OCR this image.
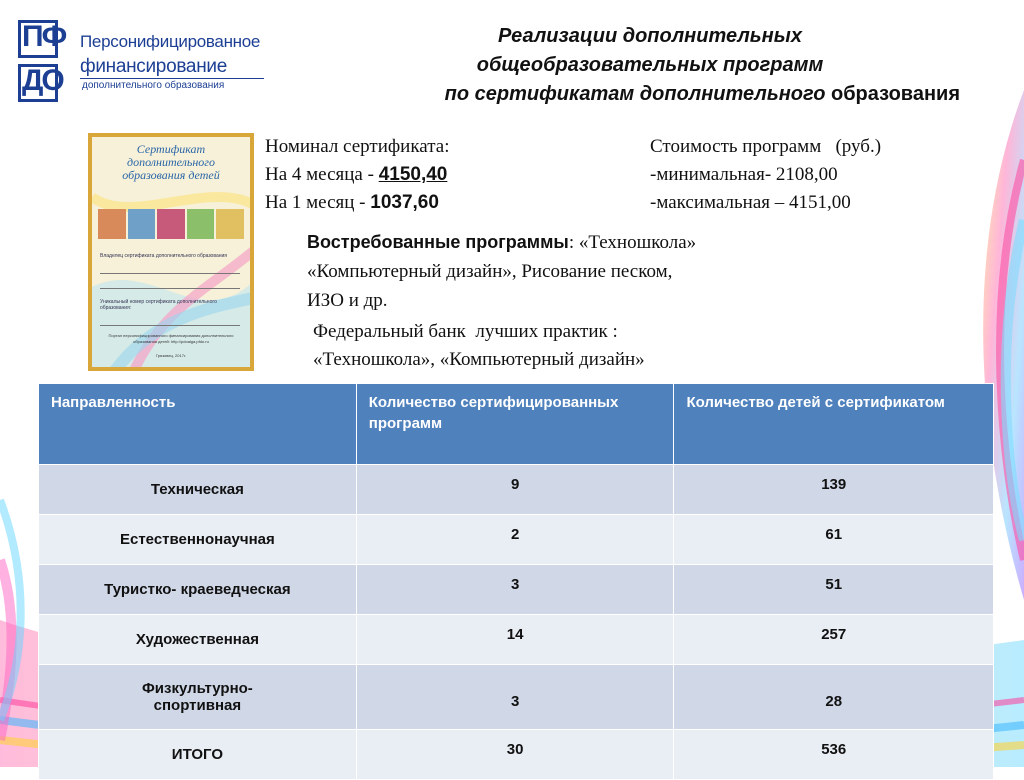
ПФ
ДО
Персонифицированное
финансирование
дополнительного образования
Реализации дополнительных
общеобразовательных программ
по сертификатам дополнительного образования
Сертификат дополнительного образования детей
Владелец сертификата дополнительного образования
Уникальный номер сертификата дополнительного образования:
Портал персонифицированного финансирования дополнительного образования детей: http://pdoalga.pfdo.ru
Грязовец, 2017г.
Номинал сертификата:
На 4 месяца - 4150,40
На 1 месяц - 1037,60
Стоимость программ   (руб.)
-минимальная- 2108,00
-максимальная – 4151,00
Востребованные программы: «Техношкола»
«Компьютерный дизайн», Рисование песком,
ИЗО и др.
Федеральный банк  лучших практик :
«Техношкола», «Компьютерный дизайн»
Направленность	Количество сертифицированных программ	Количество детей с сертификатом
Техническая	9	139
Естественнонаучная	2	61
Туристко- краеведческая	3	51
Художественная	14	257
Физкультурно-спортивная	3	28
ИТОГО	30	536
